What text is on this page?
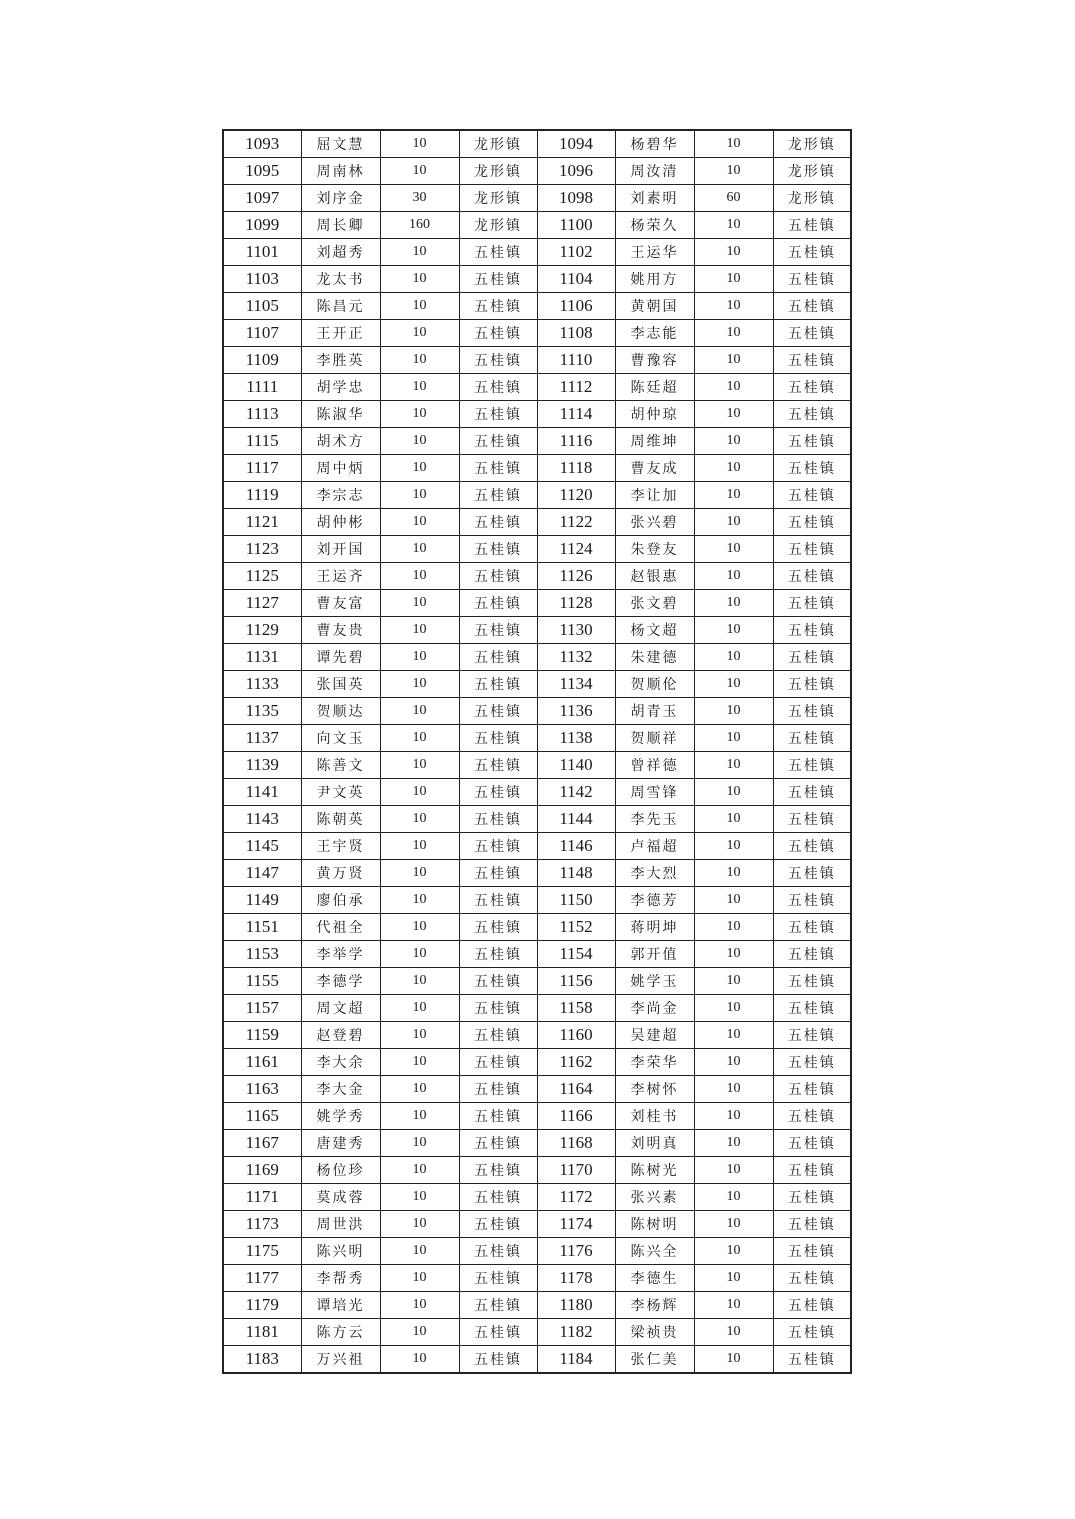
1093	屈文慧	10	龙形镇	1094	杨碧华	10	龙形镇
1095	周南林	10	龙形镇	1096	周汝清	10	龙形镇
1097	刘序金	30	龙形镇	1098	刘素明	60	龙形镇
1099	周长卿	160	龙形镇	1100	杨荣久	10	五桂镇
1101	刘超秀	10	五桂镇	1102	王运华	10	五桂镇
1103	龙太书	10	五桂镇	1104	姚用方	10	五桂镇
1105	陈昌元	10	五桂镇	1106	黄朝国	10	五桂镇
1107	王开正	10	五桂镇	1108	李志能	10	五桂镇
1109	李胜英	10	五桂镇	1110	曹豫容	10	五桂镇
1111	胡学忠	10	五桂镇	1112	陈廷超	10	五桂镇
1113	陈淑华	10	五桂镇	1114	胡仲琼	10	五桂镇
1115	胡术方	10	五桂镇	1116	周维坤	10	五桂镇
1117	周中炳	10	五桂镇	1118	曹友成	10	五桂镇
1119	李宗志	10	五桂镇	1120	李让加	10	五桂镇
1121	胡仲彬	10	五桂镇	1122	张兴碧	10	五桂镇
1123	刘开国	10	五桂镇	1124	朱登友	10	五桂镇
1125	王运齐	10	五桂镇	1126	赵银惠	10	五桂镇
1127	曹友富	10	五桂镇	1128	张文碧	10	五桂镇
1129	曹友贵	10	五桂镇	1130	杨文超	10	五桂镇
1131	谭先碧	10	五桂镇	1132	朱建德	10	五桂镇
1133	张国英	10	五桂镇	1134	贺顺伦	10	五桂镇
1135	贺顺达	10	五桂镇	1136	胡青玉	10	五桂镇
1137	向文玉	10	五桂镇	1138	贺顺祥	10	五桂镇
1139	陈善文	10	五桂镇	1140	曾祥德	10	五桂镇
1141	尹文英	10	五桂镇	1142	周雪锋	10	五桂镇
1143	陈朝英	10	五桂镇	1144	李先玉	10	五桂镇
1145	王宇贤	10	五桂镇	1146	卢福超	10	五桂镇
1147	黄万贤	10	五桂镇	1148	李大烈	10	五桂镇
1149	廖伯承	10	五桂镇	1150	李德芳	10	五桂镇
1151	代祖全	10	五桂镇	1152	蒋明坤	10	五桂镇
1153	李举学	10	五桂镇	1154	郭开值	10	五桂镇
1155	李德学	10	五桂镇	1156	姚学玉	10	五桂镇
1157	周文超	10	五桂镇	1158	李尚金	10	五桂镇
1159	赵登碧	10	五桂镇	1160	吴建超	10	五桂镇
1161	李大余	10	五桂镇	1162	李荣华	10	五桂镇
1163	李大金	10	五桂镇	1164	李树怀	10	五桂镇
1165	姚学秀	10	五桂镇	1166	刘桂书	10	五桂镇
1167	唐建秀	10	五桂镇	1168	刘明真	10	五桂镇
1169	杨位珍	10	五桂镇	1170	陈树光	10	五桂镇
1171	莫成蓉	10	五桂镇	1172	张兴素	10	五桂镇
1173	周世洪	10	五桂镇	1174	陈树明	10	五桂镇
1175	陈兴明	10	五桂镇	1176	陈兴全	10	五桂镇
1177	李帮秀	10	五桂镇	1178	李德生	10	五桂镇
1179	谭培光	10	五桂镇	1180	李杨辉	10	五桂镇
1181	陈方云	10	五桂镇	1182	梁祯贵	10	五桂镇
1183	万兴祖	10	五桂镇	1184	张仁美	10	五桂镇
